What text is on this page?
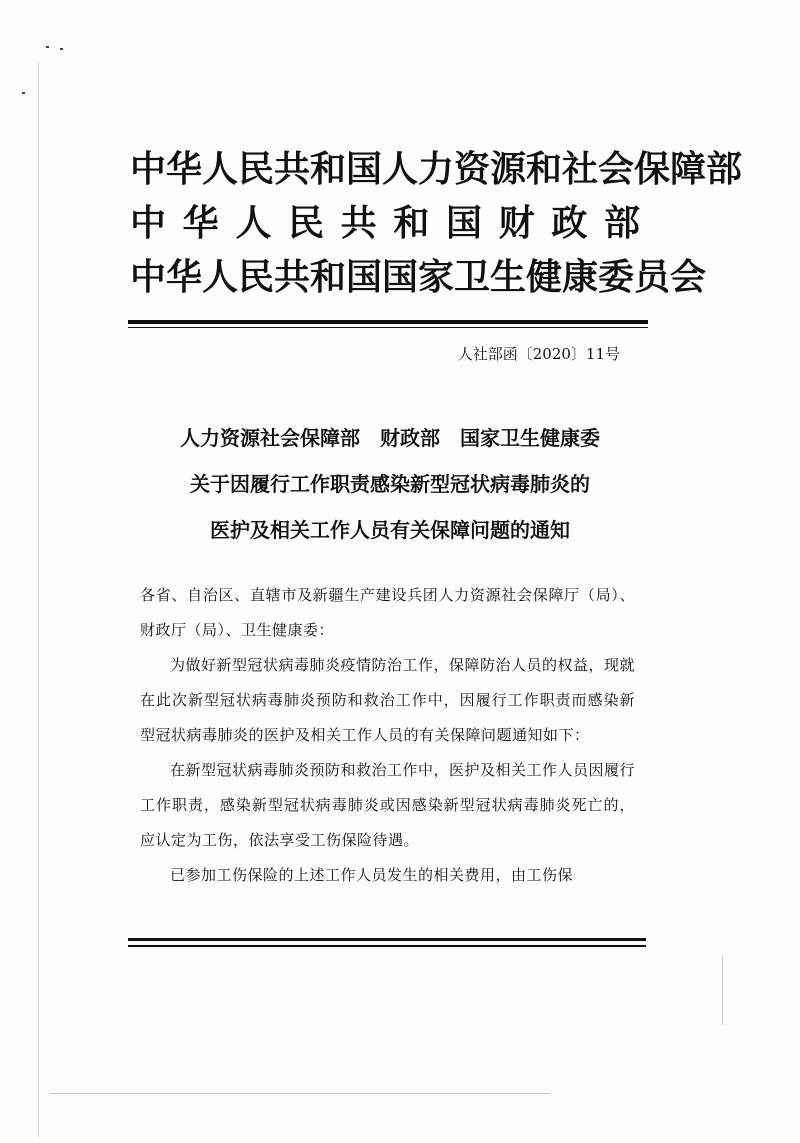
中华人民共和国人力资源和社会保障部
中华人民共和国财政部
中华人民共和国国家卫生健康委员会
人社部函〔2020〕11号
人力资源社会保障部　财政部　国家卫生健康委
关于因履行工作职责感染新型冠状病毒肺炎的
医护及相关工作人员有关保障问题的通知

各省、自治区、直辖市及新疆生产建设兵团人力资源社会保障厅（局）、财政厅（局）、卫生健康委：

为做好新型冠状病毒肺炎疫情防治工作，保障防治人员的权益，现就在此次新型冠状病毒肺炎预防和救治工作中，因履行工作职责而感染新型冠状病毒肺炎的医护及相关工作人员的有关保障问题通知如下：

在新型冠状病毒肺炎预防和救治工作中，医护及相关工作人员因履行工作职责，感染新型冠状病毒肺炎或因感染新型冠状病毒肺炎死亡的，应认定为工伤，依法享受工伤保险待遇。

已参加工伤保险的上述工作人员发生的相关费用，由工伤保
